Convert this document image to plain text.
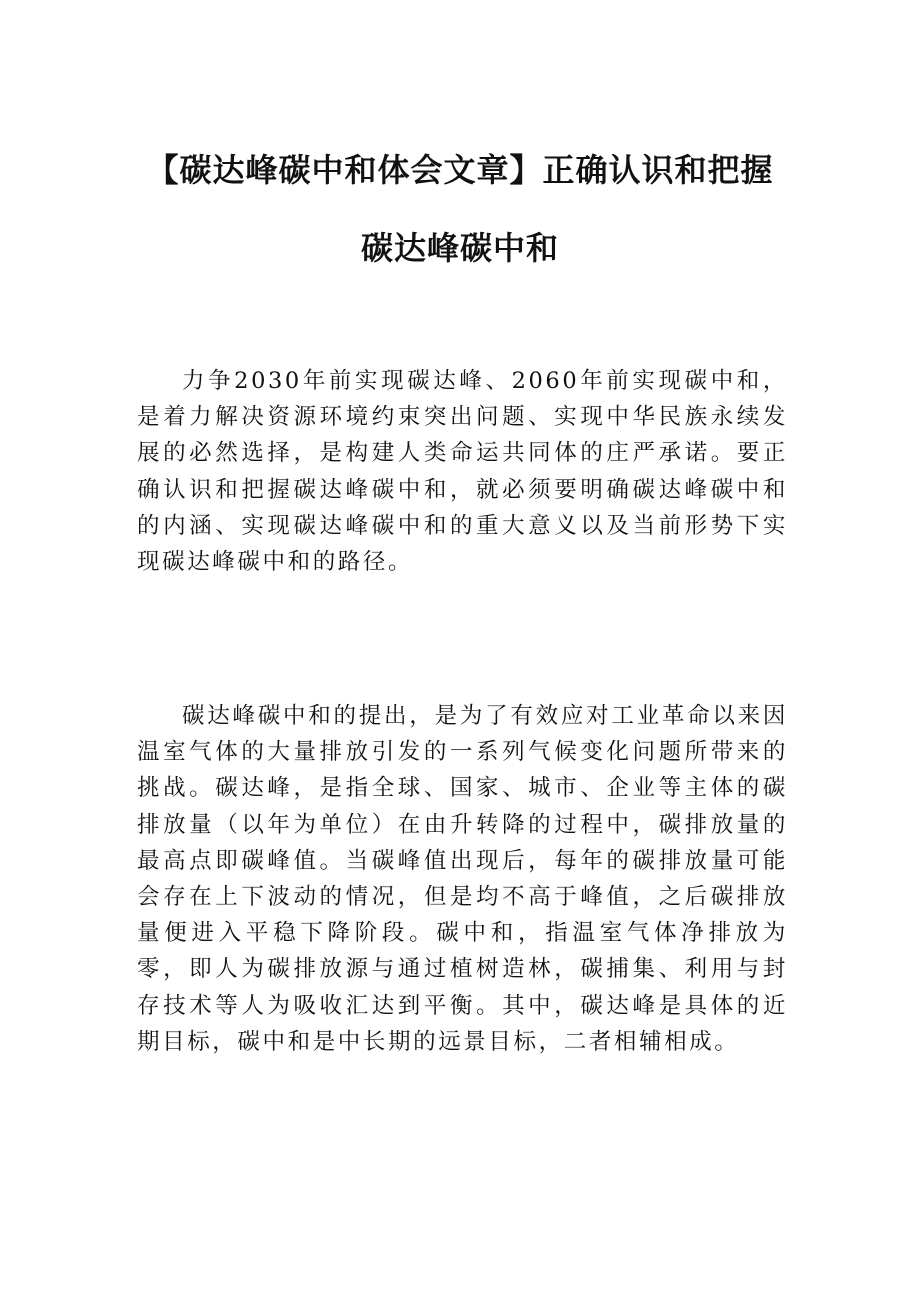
【碳达峰碳中和体会文章】正确认识和把握
碳达峰碳中和

力争2030年前实现碳达峰、2060年前实现碳中和，是着力解决资源环境约束突出问题、实现中华民族永续发展的必然选择，是构建人类命运共同体的庄严承诺。要正确认识和把握碳达峰碳中和，就必须要明确碳达峰碳中和的内涵、实现碳达峰碳中和的重大意义以及当前形势下实现碳达峰碳中和的路径。

碳达峰碳中和的提出，是为了有效应对工业革命以来因温室气体的大量排放引发的一系列气候变化问题所带来的挑战。碳达峰，是指全球、国家、城市、企业等主体的碳排放量（以年为单位）在由升转降的过程中，碳排放量的最高点即碳峰值。当碳峰值出现后，每年的碳排放量可能会存在上下波动的情况，但是均不高于峰值，之后碳排放量便进入平稳下降阶段。碳中和，指温室气体净排放为零，即人为碳排放源与通过植树造林，碳捕集、利用与封存技术等人为吸收汇达到平衡。其中，碳达峰是具体的近期目标，碳中和是中长期的远景目标，二者相辅相成。
